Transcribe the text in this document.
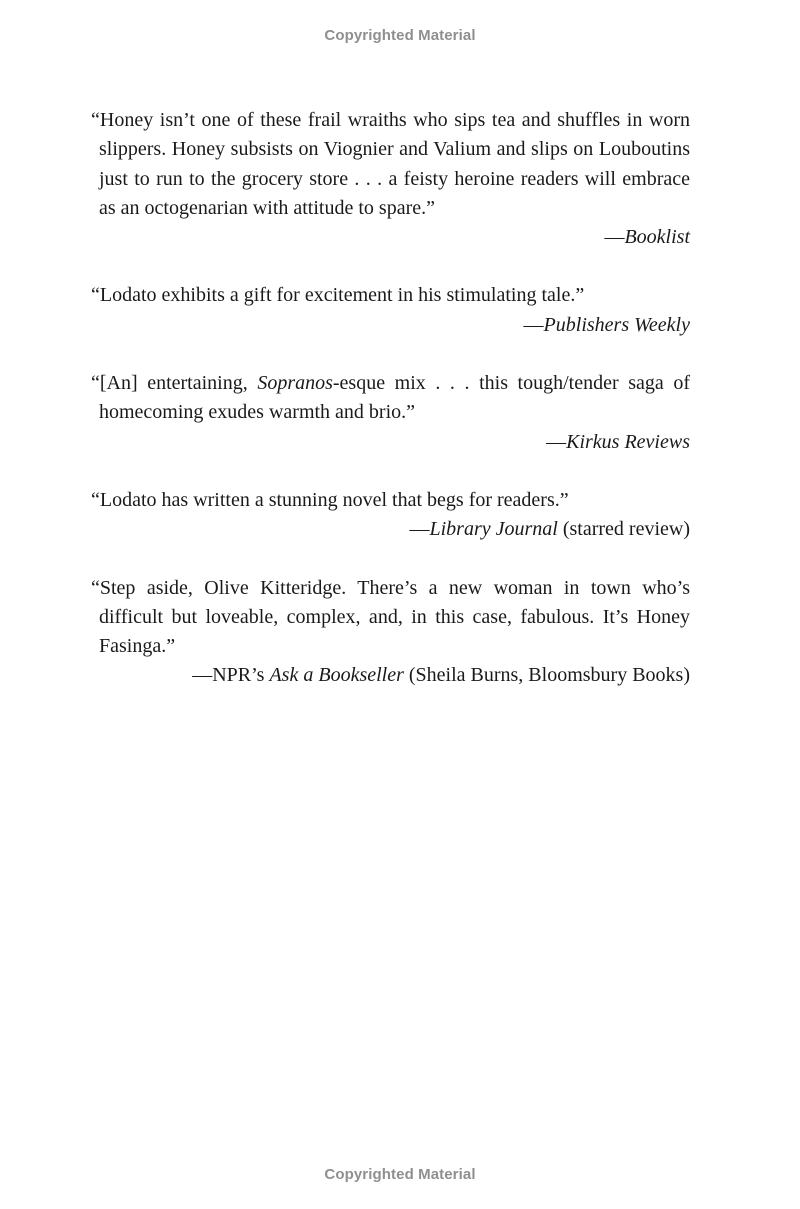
Copyrighted Material

“Honey isn’t one of these frail wraiths who sips tea and shuffles in worn slippers. Honey subsists on Viognier and Valium and slips on Louboutins just to run to the grocery store . . . a feisty heroine readers will embrace as an octogenarian with attitude to spare.”

—Booklist

“Lodato exhibits a gift for excitement in his stimulating tale.”

—Publishers Weekly

“[An] entertaining, Sopranos-esque mix . . . this tough/tender saga of homecoming exudes warmth and brio.”

—Kirkus Reviews

“Lodato has written a stunning novel that begs for readers.”

—Library Journal (starred review)

“Step aside, Olive Kitteridge. There’s a new woman in town who’s difficult but loveable, complex, and, in this case, fabulous. It’s Honey Fasinga.”

—NPR’s Ask a Bookseller (Sheila Burns, Bloomsbury Books)

Copyrighted Material
